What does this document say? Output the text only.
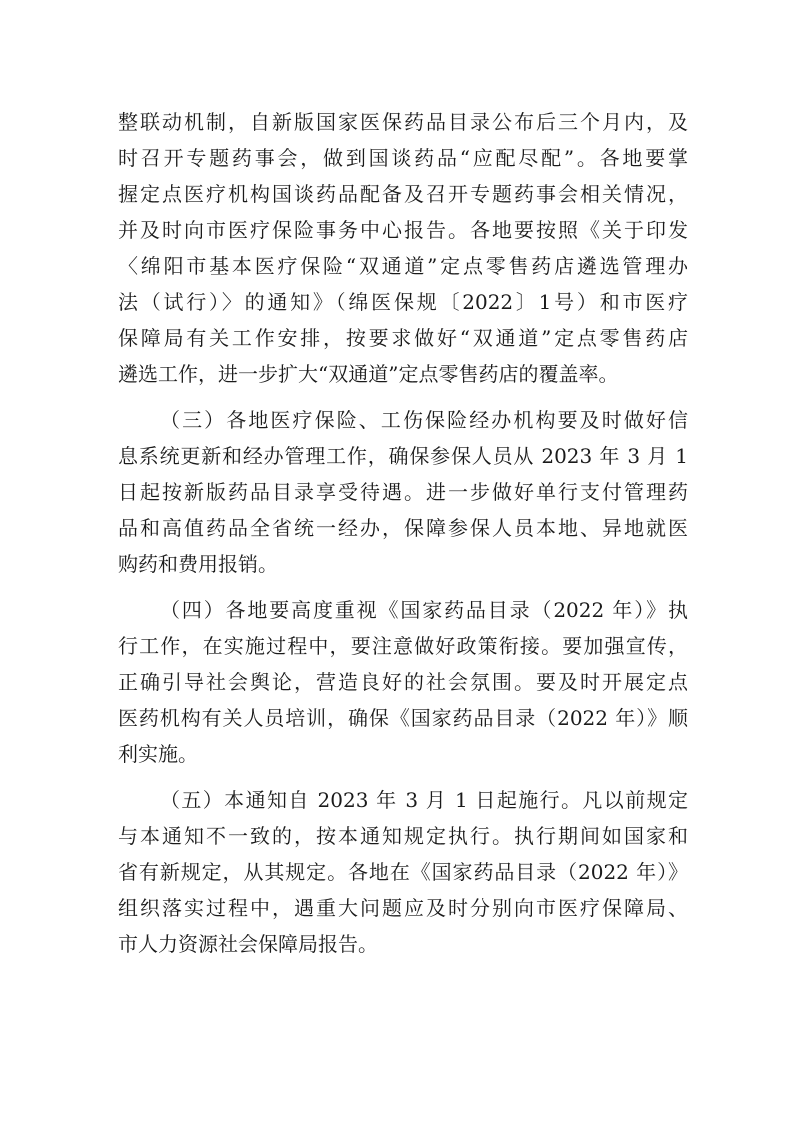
整联动机制，自新版国家医保药品目录公布后三个月内，及
时召开专题药事会，做到国谈药品“应配尽配”。各地要掌
握定点医疗机构国谈药品配备及召开专题药事会相关情况，
并及时向市医疗保险事务中心报告。各地要按照《关于印发
〈绵阳市基本医疗保险“双通道”定点零售药店遴选管理办
法（试行）〉的通知》（绵医保规〔2022〕1号）和市医疗
保障局有关工作安排，按要求做好“双通道”定点零售药店
遴选工作，进一步扩大“双通道”定点零售药店的覆盖率。
（三）各地医疗保险、工伤保险经办机构要及时做好信
息系统更新和经办管理工作，确保参保人员从 2023 年 3 月 1
日起按新版药品目录享受待遇。进一步做好单行支付管理药
品和高值药品全省统一经办，保障参保人员本地、异地就医
购药和费用报销。
（四）各地要高度重视《国家药品目录（2022 年）》执
行工作，在实施过程中，要注意做好政策衔接。要加强宣传，
正确引导社会舆论，营造良好的社会氛围。要及时开展定点
医药机构有关人员培训，确保《国家药品目录（2022 年）》顺
利实施。
（五）本通知自 2023 年 3 月 1 日起施行。凡以前规定
与本通知不一致的，按本通知规定执行。执行期间如国家和
省有新规定，从其规定。各地在《国家药品目录（2022 年）》
组织落实过程中，遇重大问题应及时分别向市医疗保障局、
市人力资源社会保障局报告。
